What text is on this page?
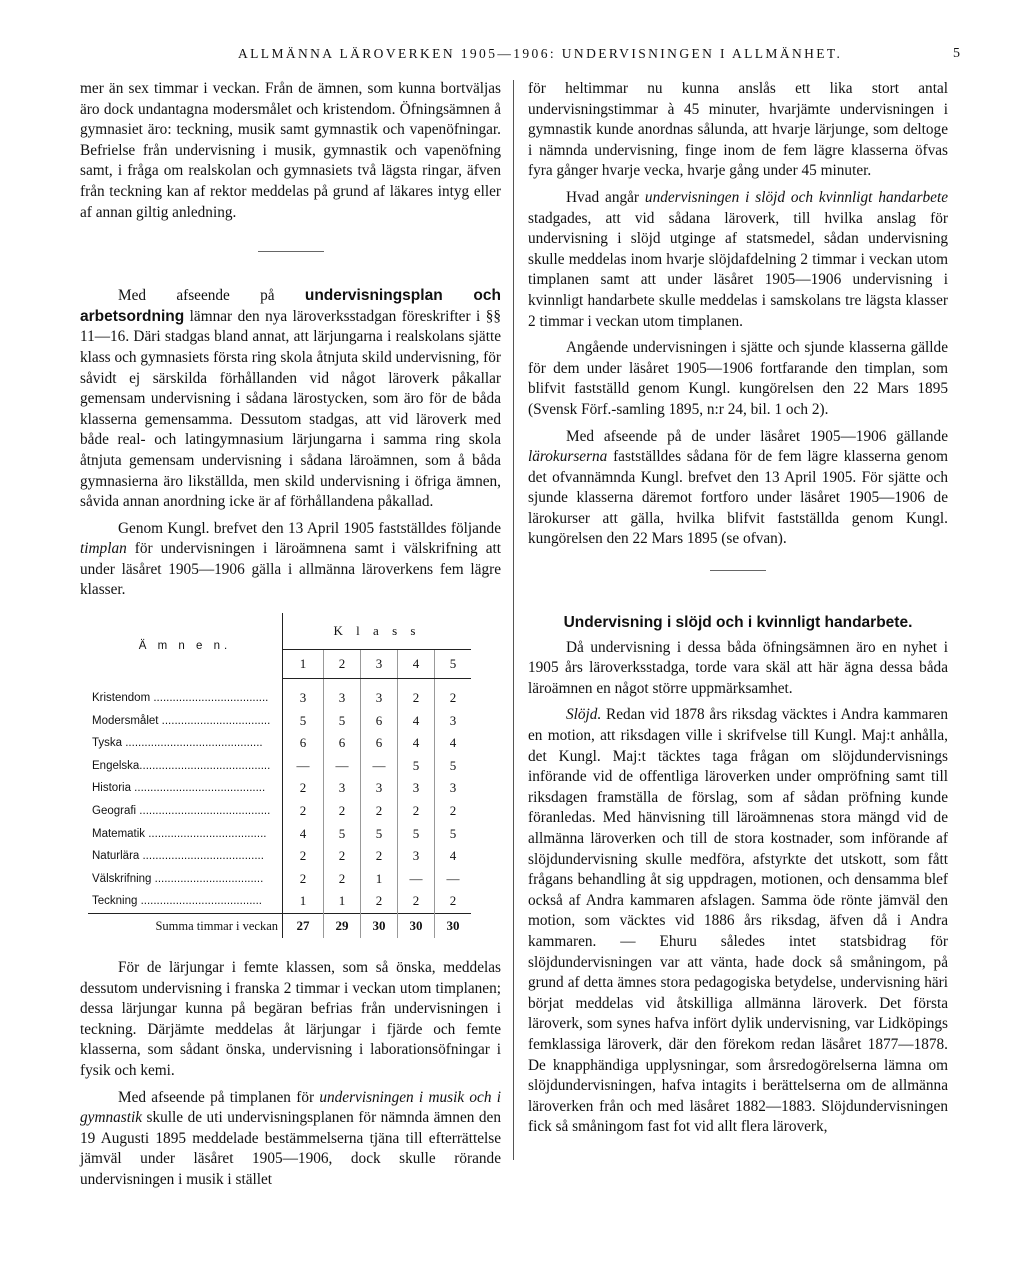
ALLMÄNNA LÄROVERKEN 1905—1906: UNDERVISNINGEN I ALLMÄNHET.	5

mer än sex timmar i veckan. Från de ämnen, som kunna bortväljas äro dock undantagna modersmålet och kristendom. Öfningsämnen å gymnasiet äro: teckning, musik samt gymnastik och vapenöfningar. Befrielse från undervisning i musik, gymnastik och vapenöfning samt, i fråga om realskolan och gymnasiets två lägsta ringar, äfven från teckning kan af rektor meddelas på grund af läkares intyg eller af annan giltig anledning.

Med afseende på undervisningsplan och arbetsordning lämnar den nya läroverksstadgan föreskrifter i §§ 11—16. Däri stadgas bland annat, att lärjungarna i realskolans sjätte klass och gymnasiets första ring skola åtnjuta skild undervisning, för såvidt ej särskilda förhållanden vid något läroverk påkallar gemensam undervisning i sådana lärostycken, som äro för de båda klasserna gemensamma. Dessutom stadgas, att vid läroverk med både real- och latingymnasium lärjungarna i samma ring skola åtnjuta gemensam undervisning i sådana läroämnen, som å båda gymnasierna äro likställda, men skild undervisning i öfriga ämnen, såvida annan anordning icke är af förhållandena påkallad.

Genom Kungl. brefvet den 13 April 1905 fastställdes följande timplan för undervisningen i läroämnena samt i välskrifning att under läsåret 1905—1906 gälla i allmänna läroverkens fem lägre klasser.

Ä m n e n.	K l a s s				
	1	2	3	4	5

Kristendom ....................................	3	3	3	2	2
Modersmålet ..................................	5	5	6	4	3
Tyska ...........................................	6	6	6	4	4
Engelska.........................................	—	—	—	5	5
Historia .........................................	2	3	3	3	3
Geografi .........................................	2	2	2	2	2
Matematik .....................................	4	5	5	5	5
Naturlära ......................................	2	2	2	3	4
Välskrifning ..................................	2	2	1	—	—
Teckning ......................................	1	1	2	2	2
Summa timmar i veckan	27	29	30	30	30

För de lärjungar i femte klassen, som så önska, meddelas dessutom undervisning i franska 2 timmar i veckan utom timplanen; dessa lärjungar kunna på begäran befrias från undervisningen i teckning. Därjämte meddelas åt lärjungar i fjärde och femte klasserna, som sådant önska, undervisning i laborationsöfningar i fysik och kemi.

Med afseende på timplanen för undervisningen i musik och i gymnastik skulle de uti undervisningsplanen för nämnda ämnen den 19 Augusti 1895 meddelade bestämmelserna tjäna till efterrättelse jämväl under läsåret 1905—1906, dock skulle rörande undervisningen i musik i stället

för heltimmar nu kunna anslås ett lika stort antal undervisningstimmar à 45 minuter, hvarjämte undervisningen i gymnastik kunde anordnas sålunda, att hvarje lärjunge, som deltoge i nämnda undervisning, finge inom de fem lägre klasserna öfvas fyra gånger hvarje vecka, hvarje gång under 45 minuter.

Hvad angår undervisningen i slöjd och kvinnligt handarbete stadgades, att vid sådana läroverk, till hvilka anslag för undervisning i slöjd utginge af statsmedel, sådan undervisning skulle meddelas inom hvarje slöjdafdelning 2 timmar i veckan utom timplanen samt att under läsåret 1905—1906 undervisning i kvinnligt handarbete skulle meddelas i samskolans tre lägsta klasser 2 timmar i veckan utom timplanen.

Angående undervisningen i sjätte och sjunde klasserna gällde för dem under läsåret 1905—1906 fortfarande den timplan, som blifvit fastställd genom Kungl. kungörelsen den 22 Mars 1895 (Svensk Förf.-samling 1895, n:r 24, bil. 1 och 2).

Med afseende på de under läsåret 1905—1906 gällande lärokurserna fastställdes sådana för de fem lägre klasserna genom det ofvannämnda Kungl. brefvet den 13 April 1905. För sjätte och sjunde klasserna däremot fortforo under läsåret 1905—1906 de lärokurser att gälla, hvilka blifvit fastställda genom Kungl. kungörelsen den 22 Mars 1895 (se ofvan).

Undervisning i slöjd och i kvinnligt handarbete.

Då undervisning i dessa båda öfningsämnen äro en nyhet i 1905 års läroverksstadga, torde vara skäl att här ägna dessa båda läroämnen en något större uppmärksamhet.

Slöjd. Redan vid 1878 års riksdag väcktes i Andra kammaren en motion, att riksdagen ville i skrifvelse till Kungl. Maj:t anhålla, det Kungl. Maj:t täcktes taga frågan om slöjdundervisnings införande vid de offentliga läroverken under ompröfning samt till riksdagen framställa de förslag, som af sådan pröfning kunde föranledas. Med hänvisning till läroämnenas stora mängd vid de allmänna läroverken och till de stora kostnader, som införande af slöjdundervisning skulle medföra, afstyrkte det utskott, som fått frågans behandling åt sig uppdragen, motionen, och densamma blef också af Andra kammaren afslagen. Samma öde rönte jämväl den motion, som väcktes vid 1886 års riksdag, äfven då i Andra kammaren. — Ehuru således intet statsbidrag för slöjdundervisningen var att vänta, hade dock så småningom, på grund af detta ämnes stora pedagogiska betydelse, undervisning häri börjat meddelas vid åtskilliga allmänna läroverk. Det första läroverk, som synes hafva infört dylik undervisning, var Lidköpings femklassiga läroverk, där den förekom redan läsåret 1877—1878. De knapphändiga upplysningar, som årsredogörelserna lämna om slöjdundervisningen, hafva intagits i berättelserna om de allmänna läroverken från och med läsåret 1882—1883. Slöjdundervisningen fick så småningom fast fot vid allt flera läroverk,
